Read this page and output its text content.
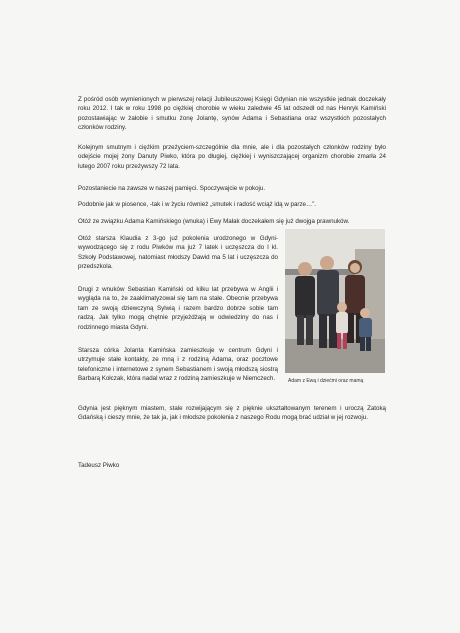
Z pośród osób wymienionych w pierwszej relacji Jubileuszowej Księgi Gdynian nie wszystkie jednak doczekały roku 2012. I tak w roku 1998 po ciężkiej chorobie w wieku zaledwie 45 lat odszedł od nas Henryk Kamiński pozostawiając w żałobie i smutku żonę Jolantę, synów Adama i Sebastiana oraz wszystkich pozostałych członków rodziny.

Kolejnym smutnym i ciężkim przeżyciem-szczególnie dla mnie, ale i dla pozostałych członków rodziny było odejście mojej żony Danuty Piwko, która po długiej, ciężkiej i wyniszczającej organizm chorobie zmarła 24 lutego 2007 roku przeżywszy 72 lata.

Pozostaniecie na zawsze w naszej pamięci. Spoczywajcie w pokoju.

Podobnie jak w piosence, -tak i w życiu również „smutek i radość wciąż idą w parze…”.

Otóż ze związku Adama Kamińskiego (wnuka) i Ewy Małak doczekałem się już dwojga prawnuków.

Otóż starsza Klaudia z 3-go już pokolenia urodzonego w Gdyni-wywodzącego się z rodu Piwków ma już 7 latek i uczęszcza do I kl. Szkoły Podstawowej, natomiast młodszy Dawid ma 5 lat i uczęszcza do przedszkola.

Drugi z wnuków Sebastian Kamiński od kilku lat przebywa w Anglii i wygląda na to, że zaaklimatyzował się tam na stałe. Obecnie przebywa tam ze swoją dziewczyną Sylwią i razem bardzo dobrze sobie tam radzą. Jak tylko mogą chętnie przyjeżdżają w odwiedziny do nas i rodzinnego miasta Gdyni.

Starsza córka Jolanta Kamińska zamieszkuje w centrum Gdyni i utrzymuje stałe kontakty, ze mną i z rodziną Adama, oraz pocztowe telefoniczne i internetowe z synem Sebastianem i swoją młodszą siostrą Barbarą Kołczak, która nadal wraz z rodziną zamieszkuje w Niemczech.

Gdynia jest pięknym miastem, stale rozwijającym się z pięknie ukształtowanym terenem i uroczą Zatoką Gdańską i cieszy mnie, że tak ja, jak i młodsze pokolenia z naszego Rodu mogą brać udział w jej rozwoju.

Tadeusz Piwko

Adam z Ewą i dziećmi oraz mamą
